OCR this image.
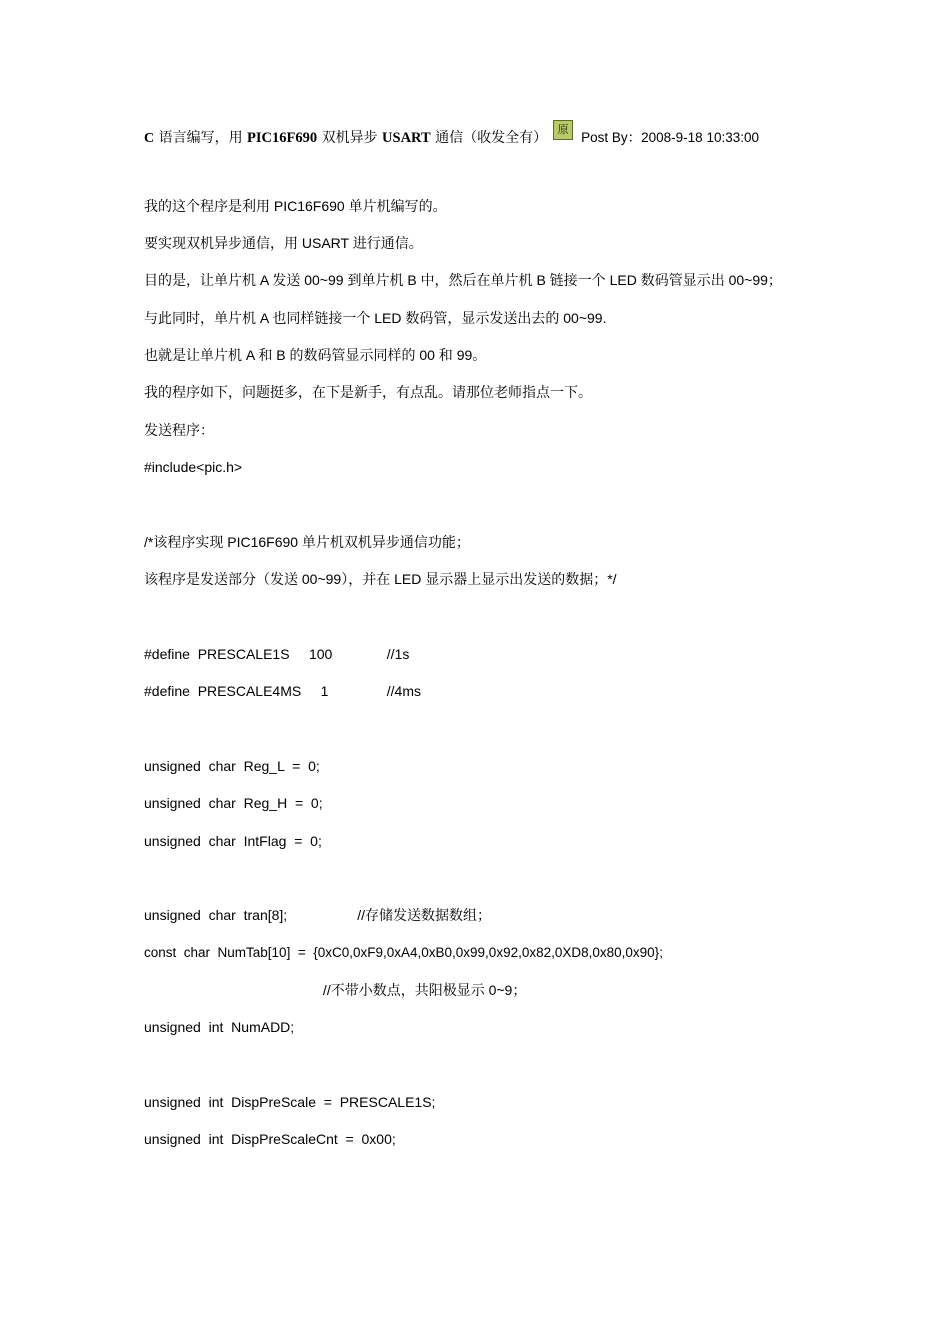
C 语言编写，用 PIC16F690 双机异步 USART 通信（收发全有）原Post By：2008-9-18 10:33:00
我的这个程序是利用 PIC16F690 单片机编写的。
要实现双机异步通信，用 USART 进行通信。
目的是，让单片机 A 发送 00~99 到单片机 B 中，然后在单片机 B 链接一个 LED 数码管显示出 00~99；
与此同时，单片机 A 也同样链接一个 LED 数码管，显示发送出去的 00~99.
也就是让单片机 A 和 B 的数码管显示同样的 00 和 99。
我的程序如下，问题挺多，在下是新手，有点乱。请那位老师指点一下。
发送程序：
#include<pic.h>
/*该程序实现 PIC16F690 单片机双机异步通信功能；
该程序是发送部分（发送 00~99），并在 LED 显示器上显示出发送的数据；*/
#define  PRESCALE1S     100              //1s
#define  PRESCALE4MS     1               //4ms
unsigned  char  Reg_L  =  0;
unsigned  char  Reg_H  =  0;
unsigned  char  IntFlag  =  0;
unsigned  char  tran[8];                  //存储发送数据数组；
const  char  NumTab[10]  =  {0xC0,0xF9,0xA4,0xB0,0x99,0x92,0x82,0XD8,0x80,0x90};
//不带小数点，共阳极显示 0~9；
unsigned  int  NumADD;
unsigned  int  DispPreScale  =  PRESCALE1S;
unsigned  int  DispPreScaleCnt  =  0x00;
